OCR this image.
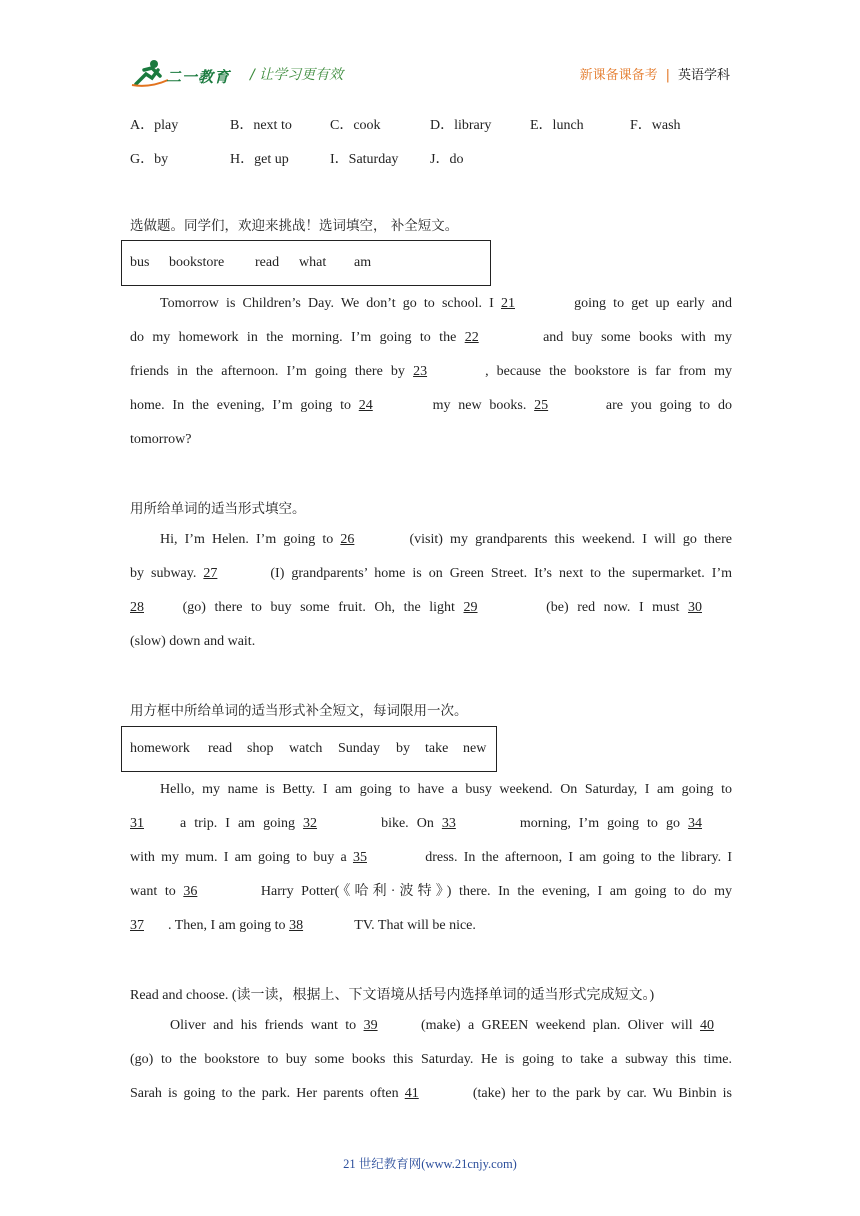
二一教育 / 让学习更有效	新课备课备考 | 英语学科
A．play	B．next to	C．cook	D．library	E．lunch	F．wash
G．by	H．get up	I．Saturday J．do
选做题。同学们，欢迎来挑战！选词填空， 补全短文。
bus bookstore read what am
Tomorrow is Children’s Day. We don’t go to school. I 21	going to get up early and
do my homework in the morning. I’m going to the 22	and buy some books with my
friends in the afternoon. I’m going there by 23	, because the bookstore is far from my
home. In the evening, I’m going to 24	my new books. 25	are you going to do
tomorrow?
用所给单词的适当形式填空。
Hi, I’m Helen. I’m going to 26	(visit) my grandparents this weekend. I will go there
by subway. 27	(I) grandparents’ home is on Green Street. It’s next to the supermarket. I’m
28 (go) there to buy some fruit. Oh, the light 29	(be) red now. I must 30
(slow) down and wait.
用方框中所给单词的适当形式补全短文，每词限用一次。
homework read shop watch Sunday by take new
Hello, my name is Betty. I am going to have a busy weekend. On Saturday, I am going to
31 a trip. I am going 32	bike. On 33	morning, I’m going to go 34
with my mum. I am going to buy a 35	dress. In the afternoon, I am going to the library. I
want to 36	Harry Potter(《哈利·波特》) there. In the evening, I am going to do my
37 . Then, I am going to 38	TV. That will be nice.
Read and choose. (读一读，根据上、下文语境从括号内选择单词的适当形式完成短文。)
Oliver and his friends want to 39	(make) a GREEN weekend plan. Oliver will 40
(go) to the bookstore to buy some books this Saturday. He is going to take a subway this time.
Sarah is going to the park. Her parents often 41	(take) her to the park by car. Wu Binbin is
21 世纪教育网(www.21cnjy.com)
